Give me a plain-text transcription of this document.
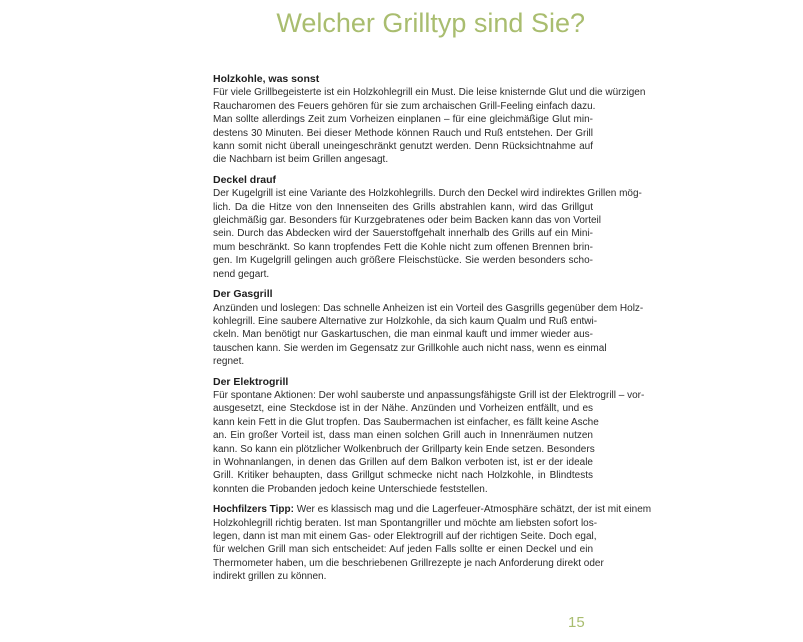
Welcher Grilltyp sind Sie?
Holzkohle, was sonst
Für viele Grillbegeisterte ist ein Holzkohlegrill ein Must. Die leise knisternde Glut und die würzigen
Raucharomen des Feuers gehören für sie zum archaischen Grill-Feeling einfach dazu.
Man sollte allerdings Zeit zum Vorheizen einplanen – für eine gleichmäßige Glut min-
destens 30 Minuten. Bei dieser Methode können Rauch und Ruß entstehen. Der Grill
kann somit nicht überall uneingeschränkt genutzt werden. Denn Rücksichtnahme auf
die Nachbarn ist beim Grillen angesagt.
Deckel drauf
Der Kugelgrill ist eine Variante des Holzkohlegrills. Durch den Deckel wird indirektes Grillen mög-
lich. Da die Hitze von den Innenseiten des Grills abstrahlen kann, wird das Grillgut
gleichmäßig gar. Besonders für Kurzgebratenes oder beim Backen kann das von Vorteil
sein. Durch das Abdecken wird der Sauerstoffgehalt innerhalb des Grills auf ein Mini-
mum beschränkt. So kann tropfendes Fett die Kohle nicht zum offenen Brennen brin-
gen. Im Kugelgrill gelingen auch größere Fleischstücke. Sie werden besonders scho-
nend gegart.
Der Gasgrill
Anzünden und loslegen: Das schnelle Anheizen ist ein Vorteil des Gasgrills gegenüber dem Holz-
kohlegrill. Eine saubere Alternative zur Holzkohle, da sich kaum Qualm und Ruß entwi-
ckeln. Man benötigt nur Gaskartuschen, die man einmal kauft und immer wieder aus-
tauschen kann. Sie werden im Gegensatz zur Grillkohle auch nicht nass, wenn es einmal
regnet.
Der Elektrogrill
Für spontane Aktionen: Der wohl sauberste und anpassungsfähigste Grill ist der Elektrogrill – vor-
ausgesetzt, eine Steckdose ist in der Nähe. Anzünden und Vorheizen entfällt, und es
kann kein Fett in die Glut tropfen. Das Saubermachen ist einfacher, es fällt keine Asche
an. Ein großer Vorteil ist, dass man einen solchen Grill auch in Innenräumen nutzen
kann. So kann ein plötzlicher Wolkenbruch der Grillparty kein Ende setzen. Besonders
in Wohnanlangen, in denen das Grillen auf dem Balkon verboten ist, ist er der ideale
Grill. Kritiker behaupten, dass Grillgut schmecke nicht nach Holzkohle, in Blindtests
konnten die Probanden jedoch keine Unterschiede feststellen.
Hochfilzers Tipp: Wer es klassisch mag und die Lagerfeuer-Atmosphäre schätzt, der ist mit einem
Holzkohlegrill richtig beraten. Ist man Spontangriller und möchte am liebsten sofort los-
legen, dann ist man mit einem Gas- oder Elektrogrill auf der richtigen Seite. Doch egal,
für welchen Grill man sich entscheidet: Auf jeden Falls sollte er einen Deckel und ein
Thermometer haben, um die beschriebenen Grillrezepte je nach Anforderung direkt oder
indirekt grillen zu können.
15
